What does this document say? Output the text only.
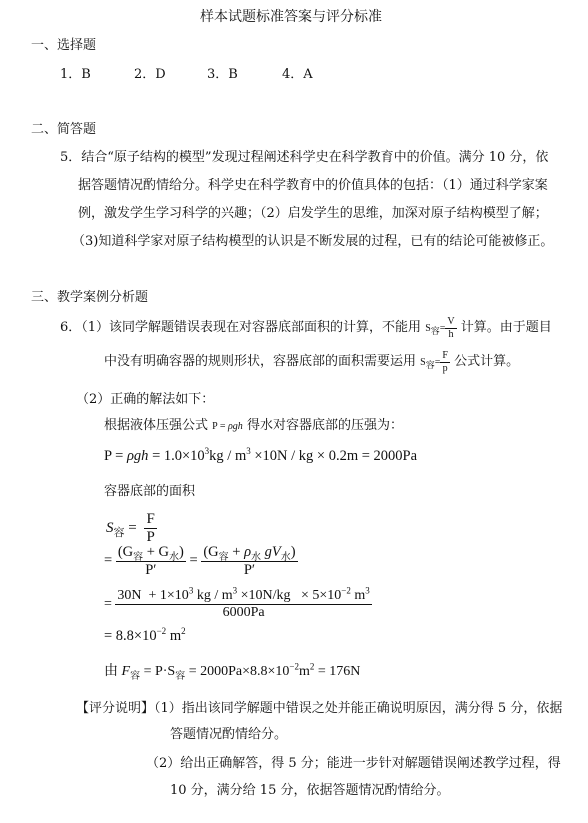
样本试题标准答案与评分标准
一、选择题
1．B	2．D	3．B	4．A
二、简答题
5．结合“原子结构的模型”发现过程阐述科学史在科学教育中的价值。满分 10 分，依
据答题情况酌情给分。科学史在科学教育中的价值具体的包括：（1）通过科学家案
例，激发学生学习科学的兴趣；（2）启发学生的思维，加深对原子结构模型了解；
（3)知道科学家对原子结构模型的认识是不断发展的过程，已有的结论可能被修正。
三、教学案例分析题
6．（1）该同学解题错误表现在对容器底部面积的计算，不能用 $S_容= \frac{V}{h}$ 计算。由于题目
中没有明确容器的规则形状，容器底部的面积需要运用 $S_容= \frac{F}{p}$ 公式计算。
（2）正确的解法如下：
根据液体压强公式 P = ρgh 得水对容器底部的压强为：
$P = \rho gh = 1.0\times 10^3kg / m^3 \times 10N$ / kg × 0.2m = 2000Pa
容器底部的面积
$S_容 = \frac{F}{P}$
= $\frac{(G_容 + G_水)}{P'} = \frac{(G_容 + \rho_水 gV_水)}{P'}$
= $\frac{30N + 1\times 10^3 kg / m^3 \times 10N/kg \times 5\times 10^{-2} m^3}{6000Pa}$
= $8.8\times 10^{-2}$ $m^2$
由 $F_容 = P\cdot S_容 = 2000Pa\times 8.8\times 10^{-2}m^2 = 176N$
【评分说明】（1）指出该同学解题中错误之处并能正确说明原因，满分得 5 分，依据
答题情况酌情给分。
（2）给出正确解答，得 5 分；能进一步针对解题错误阐述教学过程，得
10 分，满分给 15 分，依据答题情况酌情给分。
